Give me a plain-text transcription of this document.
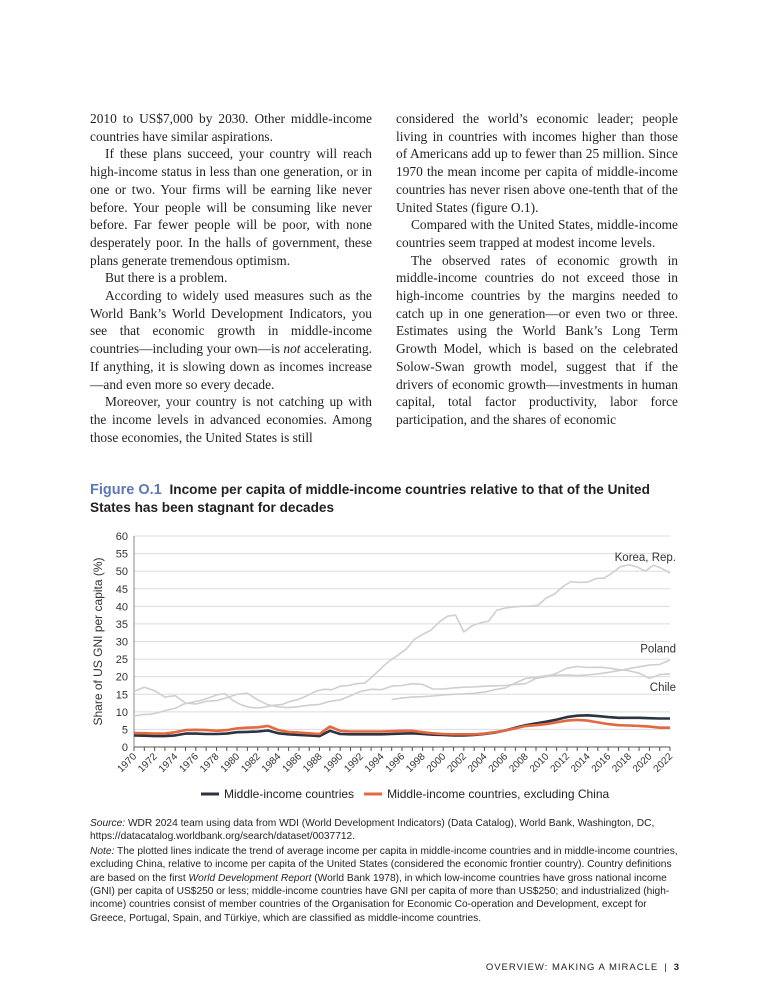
2010 to US$7,000 by 2030. Other middle-income countries have similar aspirations.

If these plans succeed, your country will reach high-income status in less than one generation, or in one or two. Your firms will be earning like never before. Your people will be consuming like never before. Far fewer people will be poor, with none desperately poor. In the halls of government, these plans generate tremendous optimism.

But there is a problem.

According to widely used measures such as the World Bank’s World Development Indicators, you see that economic growth in middle-income countries—including your own—is not accelerating. If anything, it is slowing down as incomes increase—and even more so every decade.

Moreover, your country is not catching up with the income levels in advanced economies. Among those economies, the United States is still

considered the world’s economic leader; people living in countries with incomes higher than those of Americans add up to fewer than 25 million. Since 1970 the mean income per capita of middle-income countries has never risen above one-tenth that of the United States (figure O.1).

Compared with the United States, middle-income countries seem trapped at modest income levels.

The observed rates of economic growth in middle-income countries do not exceed those in high-income countries by the margins needed to catch up in one generation—or even two or three. Estimates using the World Bank’s Long Term Growth Model, which is based on the celebrated Solow-Swan growth model, suggest that if the drivers of economic growth—investments in human capital, total factor productivity, labor force participation, and the shares of economic

Figure O.1 Income per capita of middle-income countries relative to that of the United States has been stagnant for decades
0
5
10
15
20
25
30
35
40
45
50
55
60
1970
1972
1974
1976
1978
1980
1982
1984
1986
1988
1990
1992
1994
1996
1998
2000
2002
2004
2006
2008
2010
2012
2014
2016
2018
2020
2022
Share of US GNI per capita (%)	Korea, Rep.
Poland
Chile
Middle-income countries	Middle-income countries, excluding China

Source: WDR 2024 team using data from WDI (World Development Indicators) (Data Catalog), World Bank, Washington, DC, https://datacatalog.worldbank.org/search/dataset/0037712.

Note: The plotted lines indicate the trend of average income per capita in middle-income countries and in middle-income countries, excluding China, relative to income per capita of the United States (considered the economic frontier country). Country definitions are based on the first World Development Report (World Bank 1978), in which low-income countries have gross national income (GNI) per capita of US$250 or less; middle-income countries have GNI per capita of more than US$250; and industrialized (high-income) countries consist of member countries of the Organisation for Economic Co-operation and Development, except for Greece, Portugal, Spain, and Türkiye, which are classified as middle-income countries.

OVERVIEW: MAKING A MIRACLE | 3
